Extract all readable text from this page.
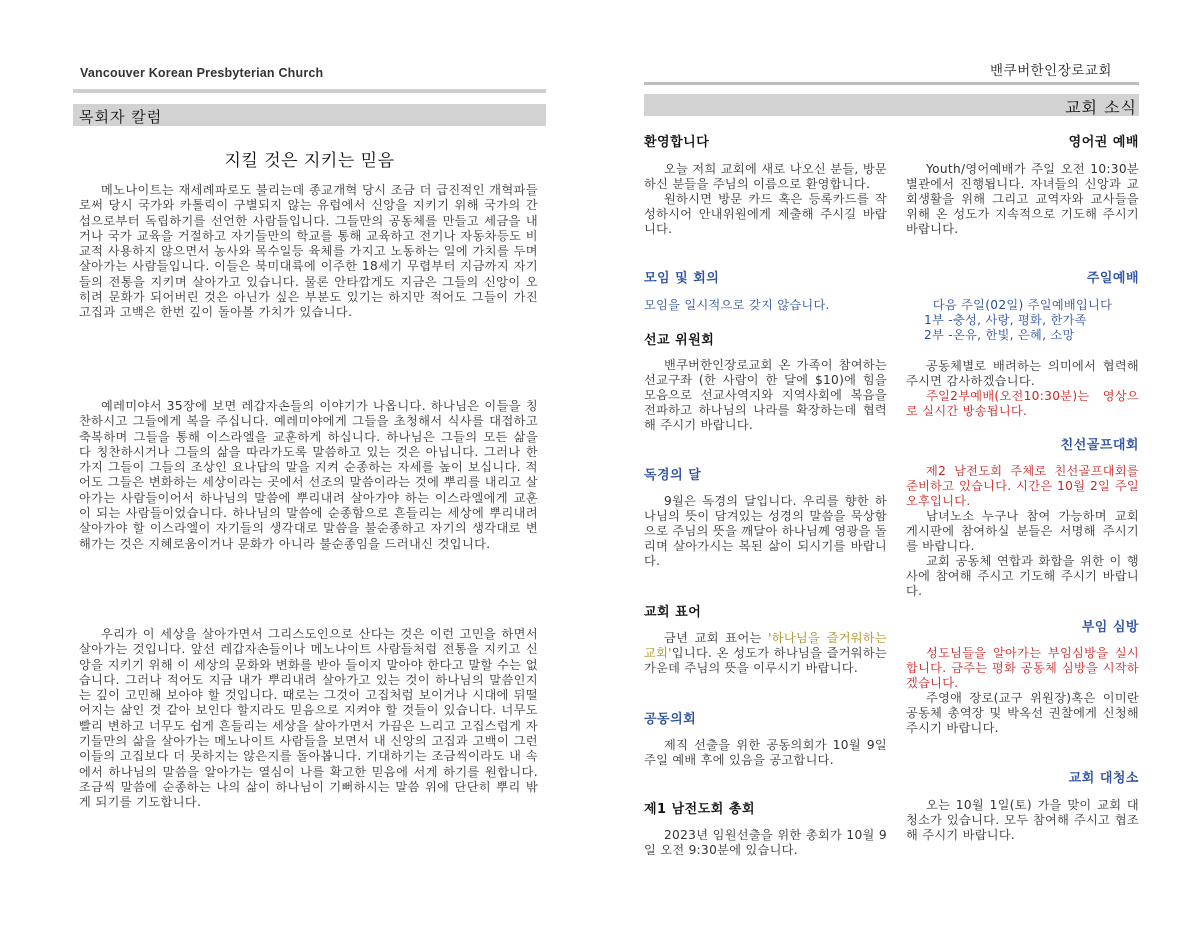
Vancouver Korean Presbyterian Church
목회자 칼럼
지킬 것은 지키는 믿음

메노나이트는 재세례파로도 불리는데 종교개혁 당시 조금 더 급진적인 개혁파들로써 당시 국가와 카톨릭이 구별되지 않는 유럽에서 신앙을 지키기 위해 국가의 간섭으로부터 독립하기를 선언한 사람들입니다. 그들만의 공동체를 만들고 세금을 내거나 국가 교육을 거절하고 자기들만의 학교를 통해 교육하고 전기나 자동차등도 비교적 사용하지 않으면서 농사와 목수일등 육체를 가지고 노동하는 일에 가치를 두며 살아가는 사람들입니다. 이들은 북미대륙에 이주한 18세기 무렵부터 지금까지 자기들의 전통을 지키며 살아가고 있습니다. 물론 안타깝게도 지금은 그들의 신앙이 오히려 문화가 되어버린 것은 아닌가 싶은 부분도 있기는 하지만 적어도 그들이 가진 고집과 고백은 한번 깊이 돌아볼 가치가 있습니다.

예레미야서 35장에 보면 레갑자손들의 이야기가 나옵니다. 하나님은 이들을 칭찬하시고 그들에게 복을 주십니다. 예레미야에게 그들을 초청해서 식사를 대접하고 축복하며 그들을 통해 이스라엘을 교훈하게 하십니다. 하나님은 그들의 모든 삶을 다 칭찬하시거나 그들의 삶을 따라가도록 말씀하고 있는 것은 아닙니다. 그러나 한가지 그들이 그들의 조상인 요나답의 말을 지켜 순종하는 자세를 높이 보십니다. 적어도 그들은 변화하는 세상이라는 곳에서 선조의 말씀이라는 것에 뿌리를 내리고 살아가는 사람들이어서 하나님의 말씀에 뿌리내려 살아가야 하는 이스라엘에게 교훈이 되는 사람들이었습니다. 하나님의 말씀에 순종함으로 흔들리는 세상에 뿌리내려 살아가야 할 이스라엘이 자기들의 생각대로 말씀을 불순종하고 자기의 생각대로 변해가는 것은 지혜로움이거나 문화가 아니라 불순종임을 드러내신 것입니다.

우리가 이 세상을 살아가면서 그리스도인으로 산다는 것은 이런 고민을 하면서 살아가는 것입니다. 앞선 레갑자손들이나 메노나이트 사람들처럼 전통을 지키고 신앙을 지키기 위해 이 세상의 문화와 변화를 받아 들이지 말아야 한다고 말할 수는 없습니다. 그러나 적어도 지금 내가 뿌리내려 살아가고 있는 것이 하나님의 말씀인지는 깊이 고민해 보아야 할 것입니다. 때로는 그것이 고집처럼 보이거나 시대에 뒤떨어지는 삶인 것 같아 보인다 할지라도 믿음으로 지켜야 할 것들이 있습니다. 너무도 빨리 변하고 너무도 쉽게 흔들리는 세상을 살아가면서 가끔은 느리고 고집스럽게 자기들만의 삶을 살아가는 메노나이트 사람들을 보면서 내 신앙의 고집과 고백이 그런 이들의 고집보다 더 못하지는 않은지를 돌아봅니다. 기대하기는 조금씩이라도 내 속에서 하나님의 말씀을 알아가는 열심이 나를 확고한 믿음에 서게 하기를 원합니다. 조금씩 말씀에 순종하는 나의 삶이 하나님이 기뻐하시는 말씀 위에 단단히 뿌리 밖게 되기를 기도합니다.

밴쿠버한인장로교회
교회 소식
환영합니다

오늘 저희 교회에 새로 나오신 분들, 방문하신 분들을 주님의 이름으로 환영합니다.

원하시면 방문 카드 혹은 등록카드를 작성하시어 안내위원에게 제출해 주시길 바랍니다.

모임 및 회의
모임을 일시적으로 갖지 않습니다.
선교 위원회

밴쿠버한인장로교회 온 가족이 참여하는 선교구좌 (한 사람이 한 달에 $10)에 힘을 모음으로 선교사역지와 지역사회에 복음을 전파하고 하나님의 나라를 확장하는데 협력해 주시기 바랍니다.

독경의 달

9월은 독경의 달입니다. 우리를 향한 하나님의 뜻이 담겨있는 성경의 말씀을 묵상함으로 주님의 뜻을 깨달아 하나님께 영광을 돌리며 살아가시는 복된 삶이 되시기를 바랍니다.

교회 표어

금년 교회 표어는 '하나님을 즐거워하는 교회'입니다. 온 성도가 하나님을 즐거워하는 가운데 주님의 뜻을 이루시기 바랍니다.

공동의회

제직 선출을 위한 공동의회가 10월 9일 주일 예배 후에 있음을 공고합니다.

제1 남전도회 총회

2023년 임원선출을 위한 총회가 10월 9일 오전 9:30분에 있습니다.

영어권 예배

Youth/영어예배가 주일 오전 10:30분 별관에서 진행됩니다. 자녀들의 신앙과 교회생활을 위해 그리고 교역자와 교사들을 위해 온 성도가 지속적으로 기도해 주시기 바랍니다.

주일예배

다음 주일(02일) 주일예배입니다

1부 -충성, 사랑, 평화, 한가족

2부 -온유, 한빛, 은혜, 소망

공동체별로 배려하는 의미에서 협력해 주시면 감사하겠습니다.

주일2부예배(오전10:30분)는 영상으로 실시간 방송됩니다.

친선골프대회

제2 남전도회 주체로 친선골프대회를 준비하고 있습니다. 시간은 10월 2일 주일 오후입니다.

남녀노소 누구나 참여 가능하며 교회 게시판에 참여하실 분들은 서명해 주시기를 바랍니다.

교회 공동체 연합과 화합을 위한 이 행사에 참여해 주시고 기도해 주시기 바랍니다.

부임 심방

성도님들을 알아가는 부임심방을 실시합니다. 금주는 평화 공동체 심방을 시작하겠습니다.

주영애 장로(교구 위원장)혹은 이미란 공동체 총역장 및 박옥선 권찰에게 신청해 주시기 바랍니다.

교회 대청소

오는 10월 1일(토) 가을 맞이 교회 대청소가 있습니다. 모두 참여해 주시고 협조해 주시기 바랍니다.
